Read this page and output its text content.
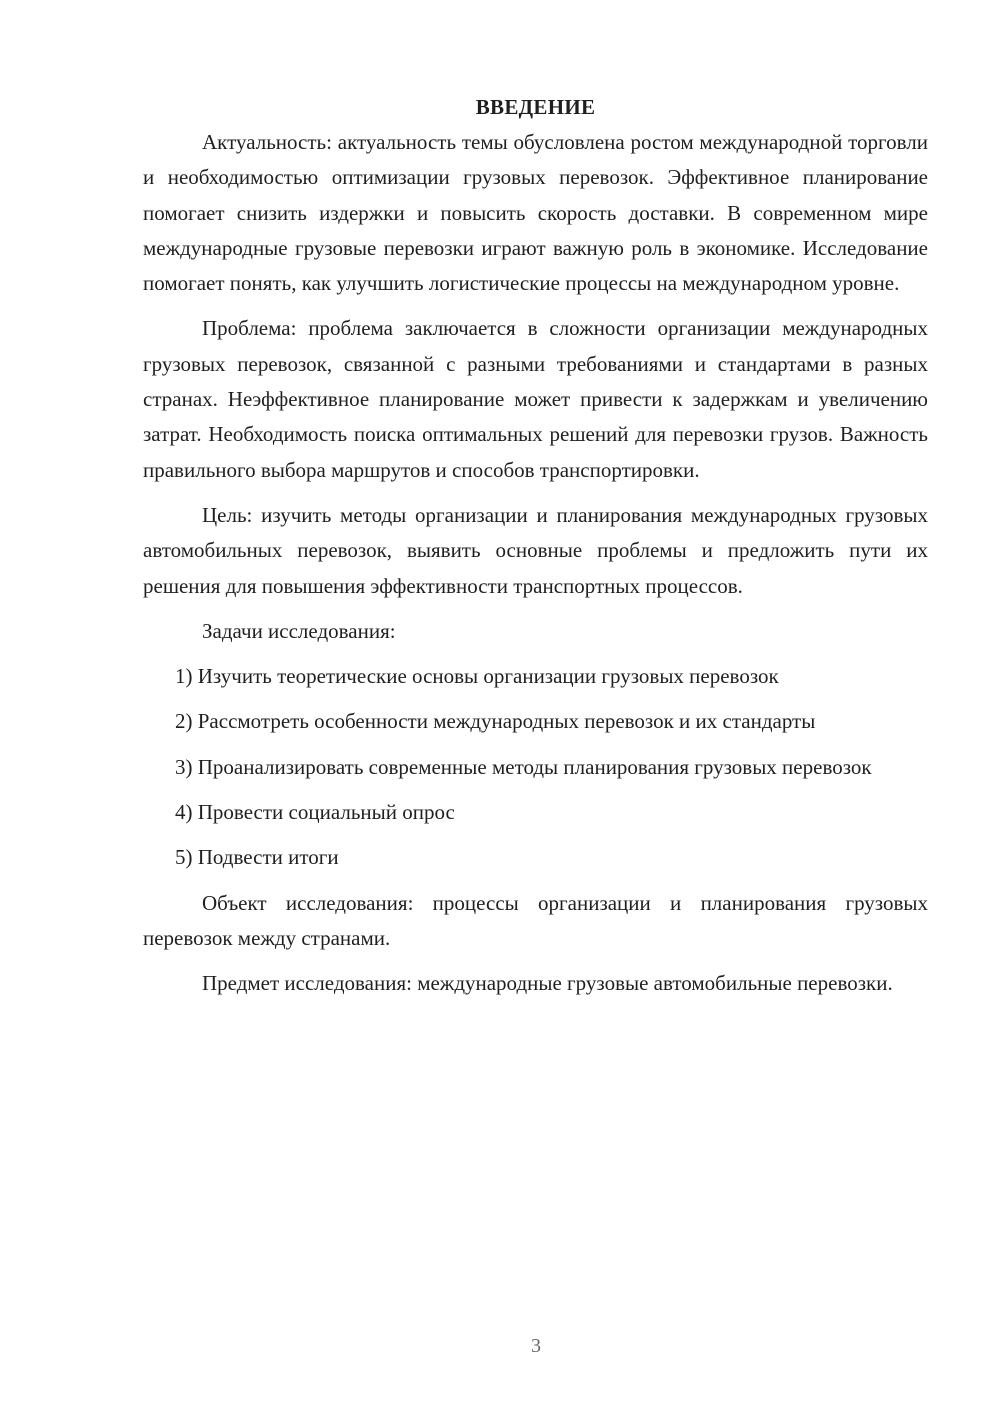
ВВЕДЕНИЕ

Актуальность: актуальность темы обусловлена ростом международной торговли и необходимостью оптимизации грузовых перевозок. Эффективное планирование помогает снизить издержки и повысить скорость доставки. В современном мире международные грузовые перевозки играют важную роль в экономике. Исследование помогает понять, как улучшить логистические процессы на международном уровне.

Проблема: проблема заключается в сложности организации международных грузовых перевозок, связанной с разными требованиями и стандартами в разных странах. Неэффективное планирование может привести к задержкам и увеличению затрат. Необходимость поиска оптимальных решений для перевозки грузов. Важность правильного выбора маршрутов и способов транспортировки.

Цель: изучить методы организации и планирования международных грузовых автомобильных перевозок, выявить основные проблемы и предложить пути их решения для повышения эффективности транспортных процессов.

Задачи исследования:

1) Изучить теоретические основы организации грузовых перевозок

2) Рассмотреть особенности международных перевозок и их стандарты

3) Проанализировать современные методы планирования грузовых перевозок

4) Провести социальный опрос

5) Подвести итоги

Объект исследования: процессы организации и планирования грузовых перевозок между странами.

Предмет исследования: международные грузовые автомобильные перевозки.

3
